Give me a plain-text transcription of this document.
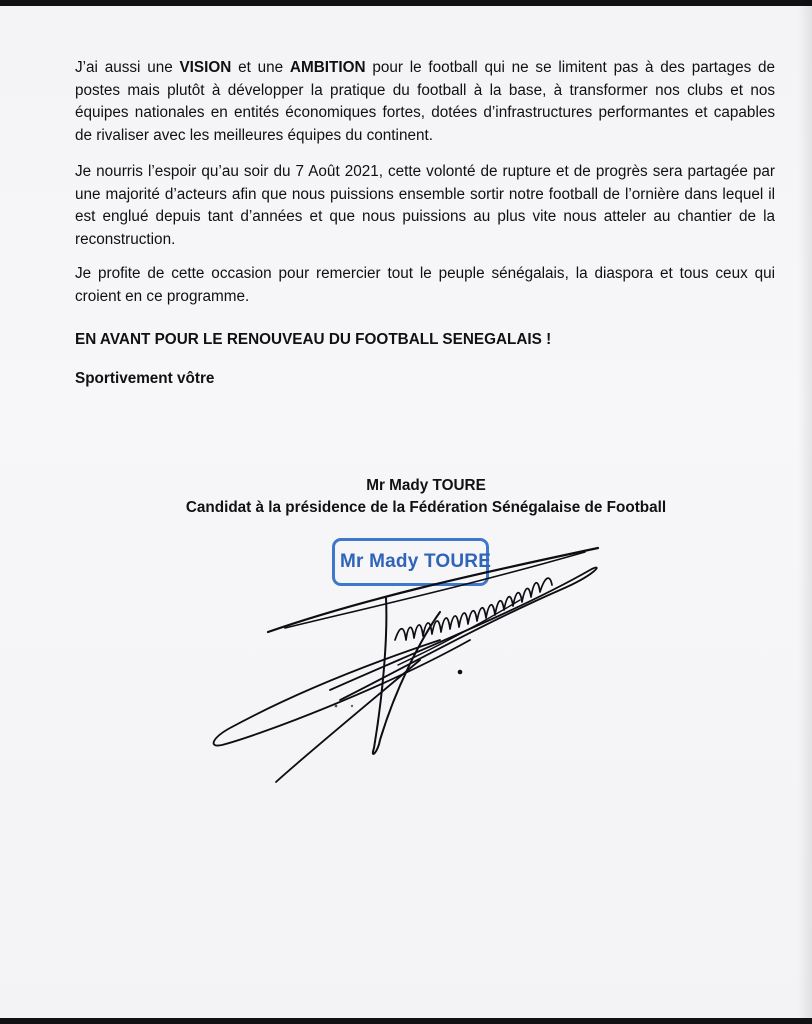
J’ai aussi une VISION et une AMBITION pour le football qui ne se limitent pas à des partages de postes mais plutôt à développer la pratique du football à la base, à transformer nos clubs et nos équipes nationales en entités économiques fortes, dotées d’infrastructures performantes et capables de rivaliser avec les meilleures équipes du continent.

Je nourris l’espoir qu’au soir du 7 Août 2021, cette volonté de rupture et de progrès sera partagée par une majorité d’acteurs afin que nous puissions ensemble sortir notre football de l’ornière dans lequel il est englué depuis tant d’années et que nous puissions au plus vite nous atteler au chantier de la reconstruction.

Je profite de cette occasion pour remercier tout le peuple sénégalais, la diaspora et tous ceux qui croient en ce programme.

EN AVANT POUR LE RENOUVEAU DU FOOTBALL SENEGALAIS !

Sportivement vôtre

Mr Mady TOURE
Candidat à la présidence de la Fédération Sénégalaise de Football
Mr Mady TOURE
